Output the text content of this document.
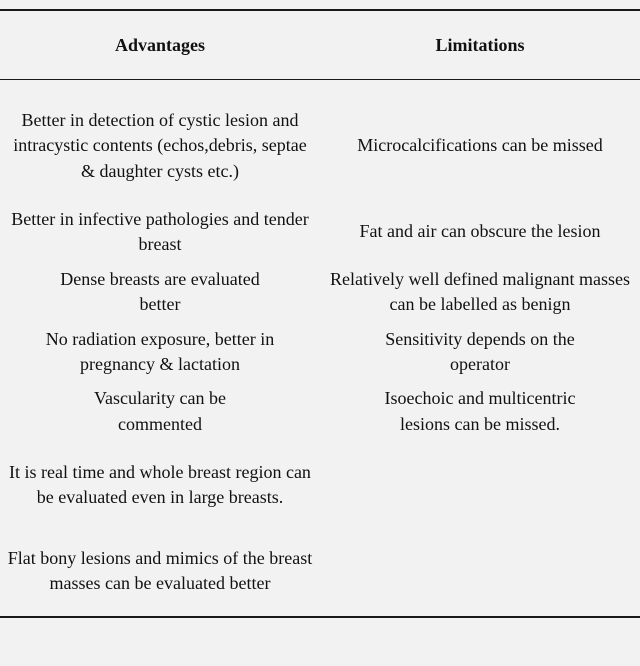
Advantages	Limitations
Better in detection of cystic lesion and intracystic contents (echos,debris, septae & daughter cysts etc.)
Microcalcifications can be missed
Better in infective pathologies and tender breast
Fat and air can obscure the lesion
Dense breasts are evaluated better
Relatively well defined malignant masses can be labelled as benign
No radiation exposure, better in pregnancy & lactation
Sensitivity depends on the operator
Vascularity can be commented
Isoechoic and multicentric lesions can be missed.
It is real time and whole breast region can be evaluated even in large breasts.
Flat bony lesions and mimics of the breast masses can be evaluated better
